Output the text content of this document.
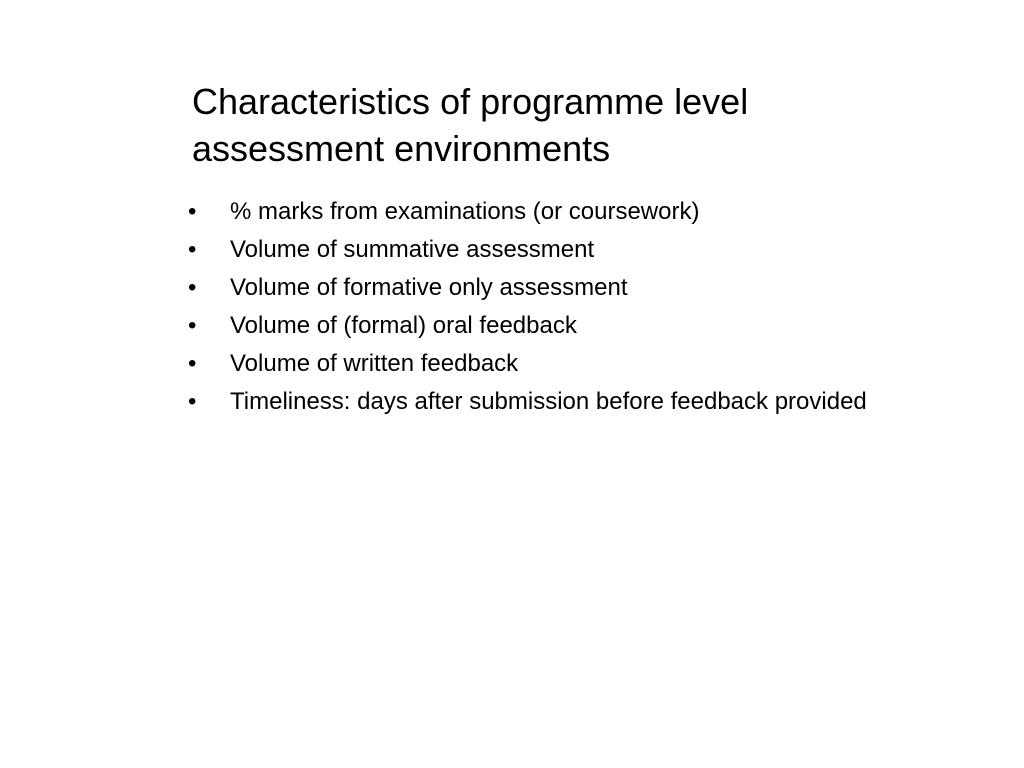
Characteristics of programme level
assessment environments
•	% marks from examinations (or coursework)
•	Volume of summative assessment
•	Volume of formative only assessment
•	Volume of (formal) oral feedback
•	Volume of written feedback
•	Timeliness: days after submission before feedback provided
